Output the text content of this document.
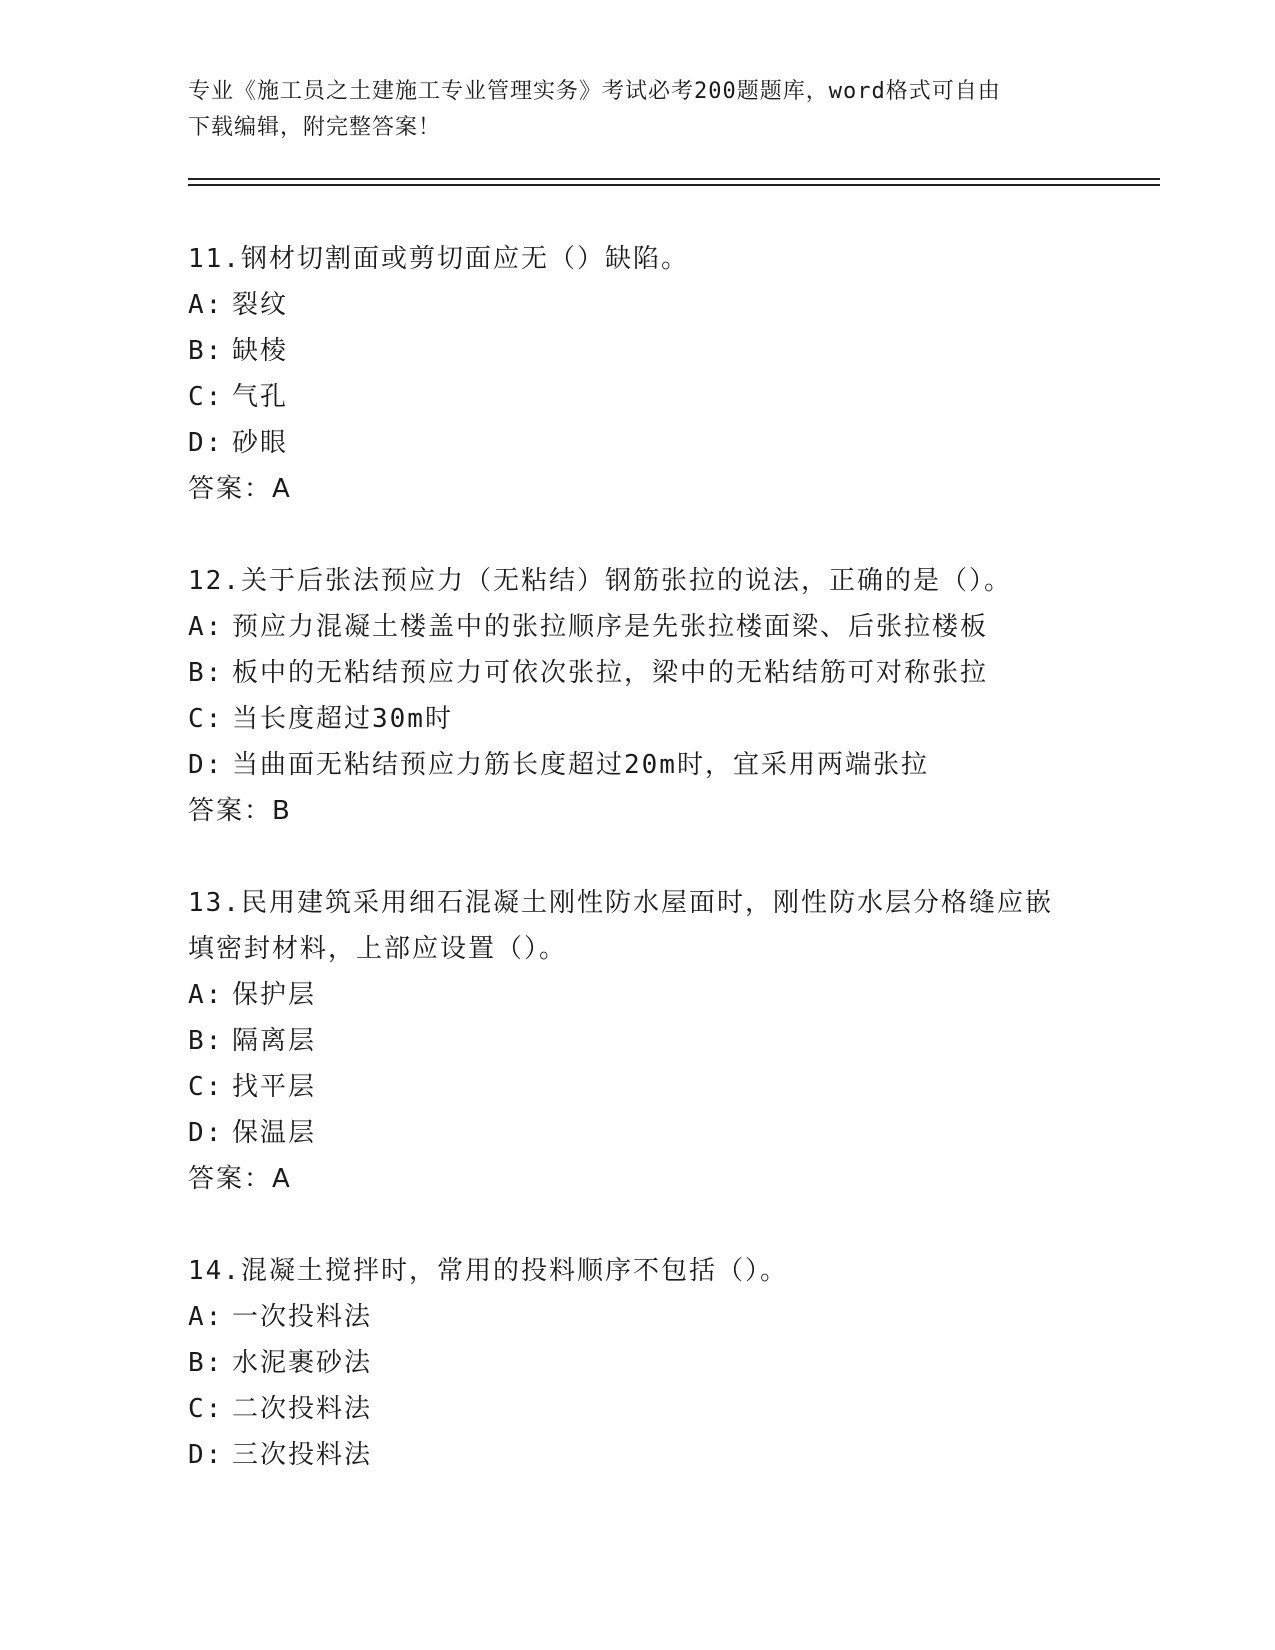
专业《施工员之土建施工专业管理实务》考试必考200题题库，word格式可自由
下载编辑，附完整答案！
11.钢材切割面或剪切面应无（）缺陷。
A: 裂纹
B: 缺棱
C: 气孔
D: 砂眼
答案：A
12.关于后张法预应力（无粘结）钢筋张拉的说法，正确的是（）。
A: 预应力混凝土楼盖中的张拉顺序是先张拉楼面梁、后张拉楼板
B: 板中的无粘结预应力可依次张拉，梁中的无粘结筋可对称张拉
C: 当长度超过30m时
D: 当曲面无粘结预应力筋长度超过20m时，宜采用两端张拉
答案：B
13.民用建筑采用细石混凝土刚性防水屋面时，刚性防水层分格缝应嵌
填密封材料，上部应设置（）。
A: 保护层
B: 隔离层
C: 找平层
D: 保温层
答案：A
14.混凝土搅拌时，常用的投料顺序不包括（）。
A: 一次投料法
B: 水泥裹砂法
C: 二次投料法
D: 三次投料法
